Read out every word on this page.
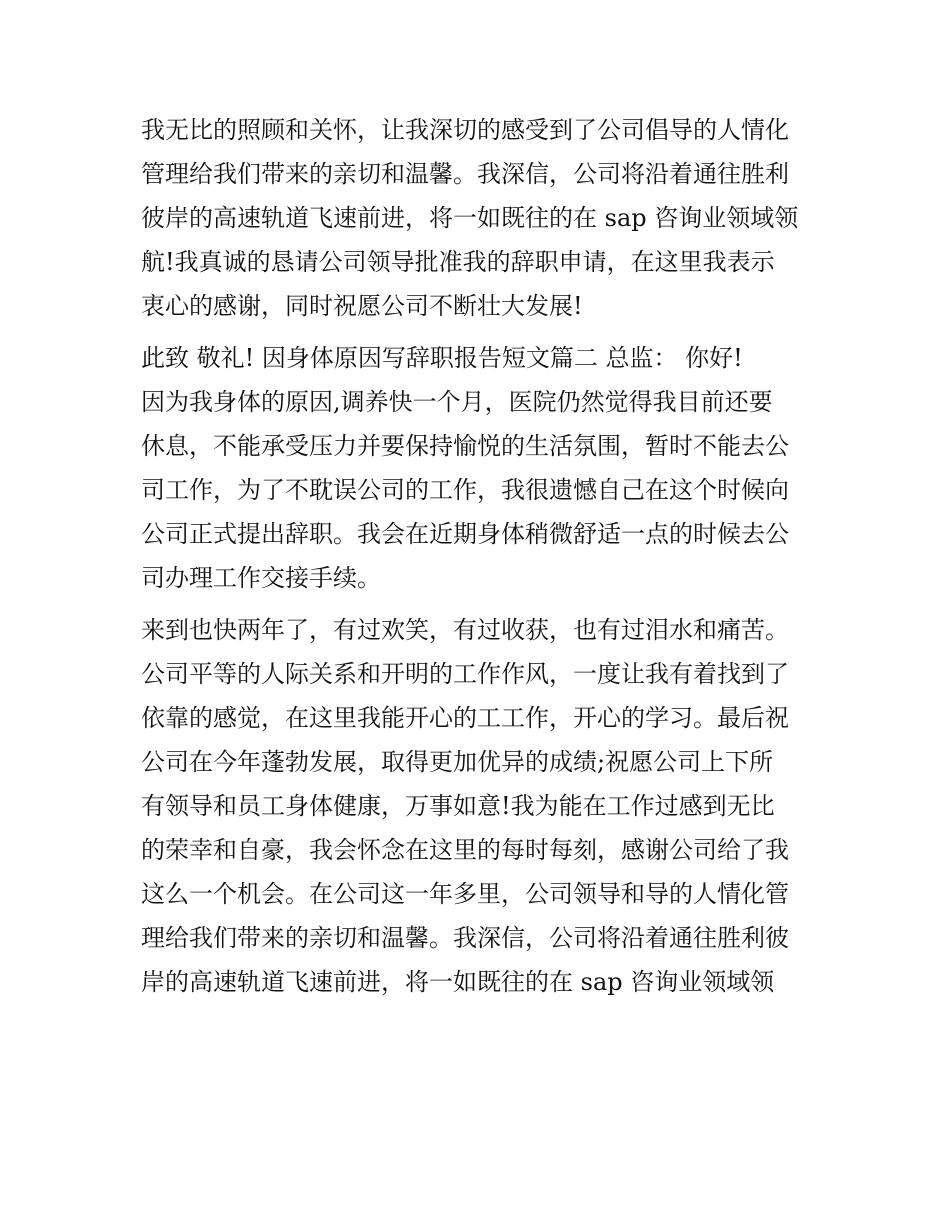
我无比的照顾和关怀，让我深切的感受到了公司倡导的人情化
管理给我们带来的亲切和温馨。我深信，公司将沿着通往胜利
彼岸的高速轨道飞速前进，将一如既往的在 sap 咨询业领域领
航!我真诚的恳请公司领导批准我的辞职申请，在这里我表示
衷心的感谢，同时祝愿公司不断壮大发展!
此致 敬礼! 因身体原因写辞职报告短文篇二 总监： 你好!
因为我身体的原因,调养快一个月，医院仍然觉得我目前还要
休息，不能承受压力并要保持愉悦的生活氛围，暂时不能去公
司工作，为了不耽误公司的工作，我很遗憾自己在这个时候向
公司正式提出辞职。我会在近期身体稍微舒适一点的时候去公
司办理工作交接手续。
来到也快两年了，有过欢笑，有过收获，也有过泪水和痛苦。
公司平等的人际关系和开明的工作作风，一度让我有着找到了
依靠的感觉，在这里我能开心的工工作，开心的学习。最后祝
公司在今年蓬勃发展，取得更加优异的成绩;祝愿公司上下所
有领导和员工身体健康，万事如意!我为能在工作过感到无比
的荣幸和自豪，我会怀念在这里的每时每刻，感谢公司给了我
这么一个机会。在公司这一年多里，公司领导和导的人情化管
理给我们带来的亲切和温馨。我深信，公司将沿着通往胜利彼
岸的高速轨道飞速前进，将一如既往的在 sap 咨询业领域领
